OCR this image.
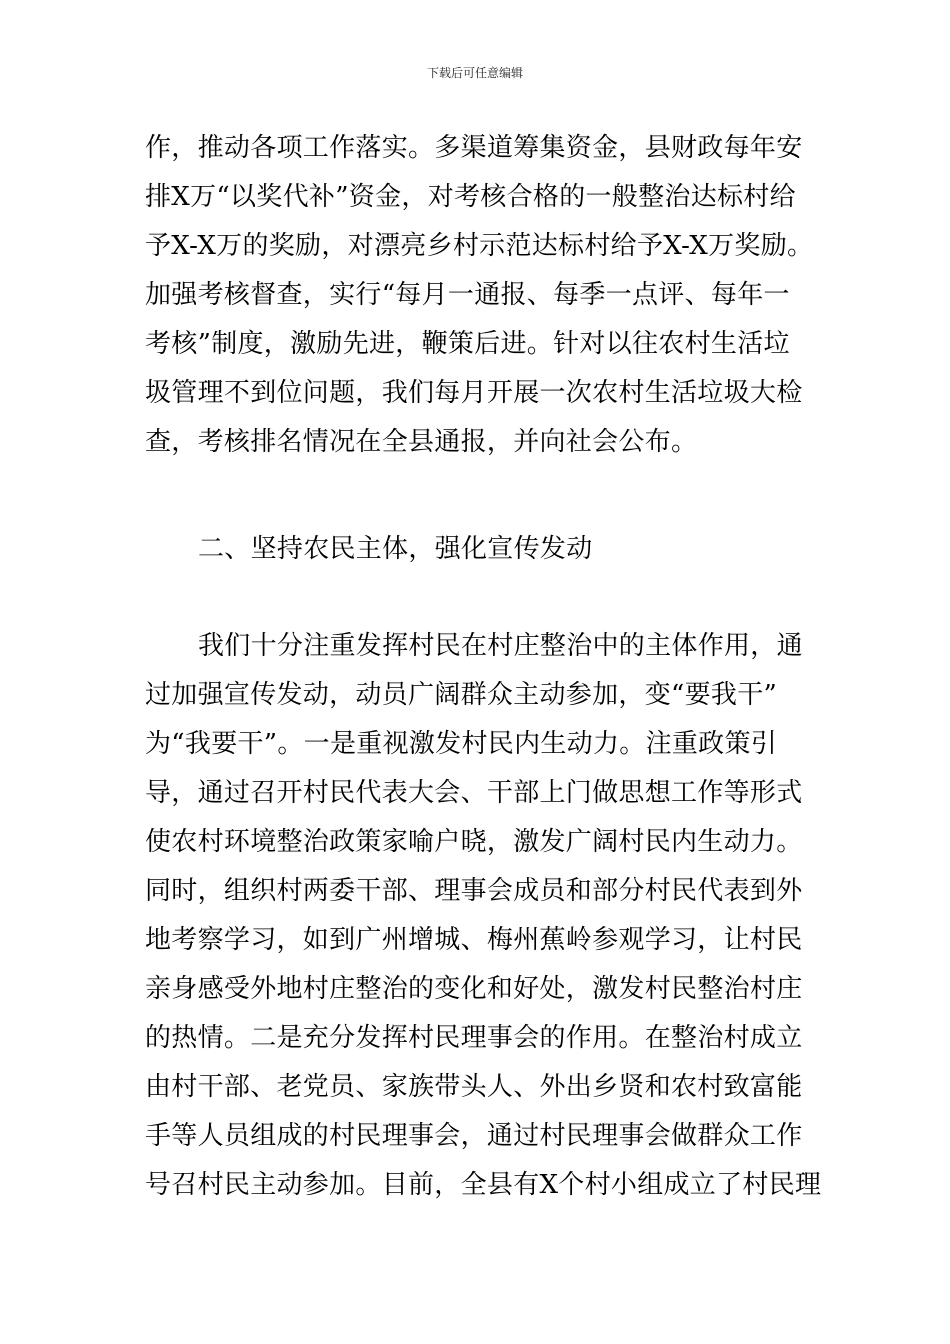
下载后可任意编辑
作，推动各项工作落实。多渠道筹集资金，县财政每年安
排X万“以奖代补”资金，对考核合格的一般整治达标村给
予X-X万的奖励，对漂亮乡村示范达标村给予X-X万奖励。
加强考核督查，实行“每月一通报、每季一点评、每年一
考核”制度，激励先进，鞭策后进。针对以往农村生活垃
圾管理不到位问题，我们每月开展一次农村生活垃圾大检
查，考核排名情况在全县通报，并向社会公布。
二、坚持农民主体，强化宣传发动
我们十分注重发挥村民在村庄整治中的主体作用，通
过加强宣传发动，动员广阔群众主动参加，变“要我干”
为“我要干”。一是重视激发村民内生动力。注重政策引
导，通过召开村民代表大会、干部上门做思想工作等形式
使农村环境整治政策家喻户晓，激发广阔村民内生动力。
同时，组织村两委干部、理事会成员和部分村民代表到外
地考察学习，如到广州增城、梅州蕉岭参观学习，让村民
亲身感受外地村庄整治的变化和好处，激发村民整治村庄
的热情。二是充分发挥村民理事会的作用。在整治村成立
由村干部、老党员、家族带头人、外出乡贤和农村致富能
手等人员组成的村民理事会，通过村民理事会做群众工作
号召村民主动参加。目前，全县有X个村小组成立了村民理
